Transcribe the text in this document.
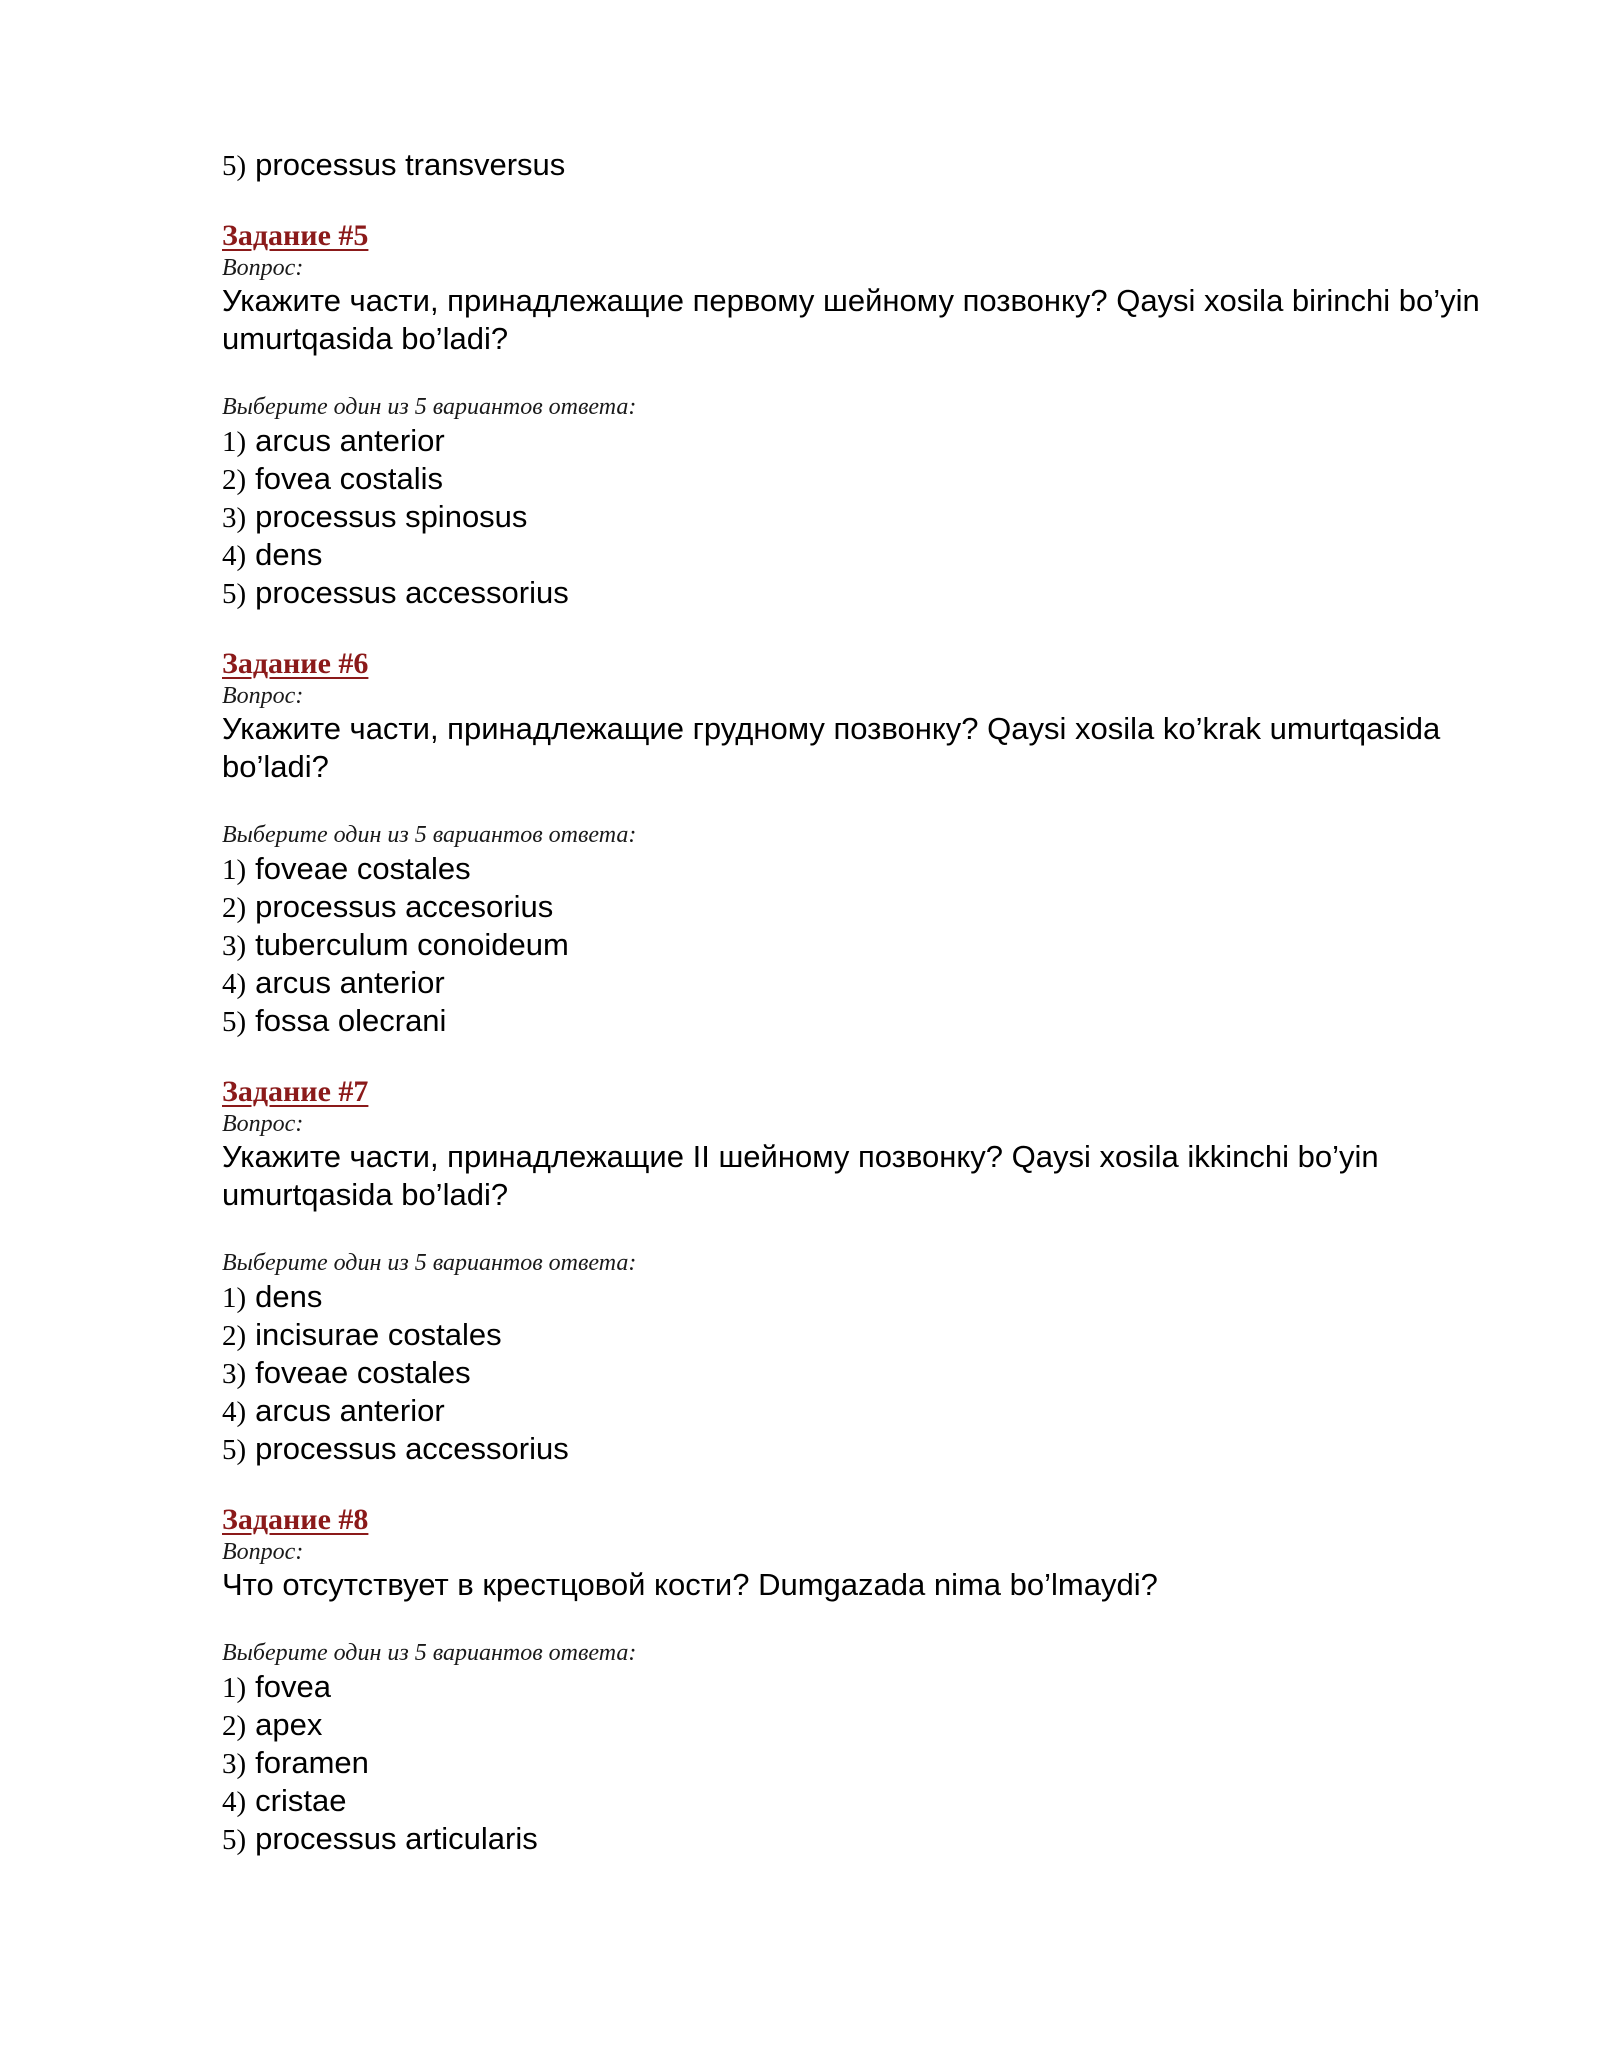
5) processus transversus
Задание #5
Вопрос:
Укажите части, принадлежащие первому шейному позвонку? Qaysi xosila birinchi bo’yin umurtqasida bo’ladi?
Выберите один из 5 вариантов ответа:
1) arcus anterior
2) fovea costalis
3) processus spinosus
4) dens
5) processus accessorius
Задание #6
Вопрос:
Укажите части, принадлежащие грудному позвонку? Qaysi xosila ko’krak umurtqasida bo’ladi?
Выберите один из 5 вариантов ответа:
1) foveae costales
2) processus accesorius
3) tuberculum conoideum
4) arcus anterior
5) fossa olecrani
Задание #7
Вопрос:
Укажите части, принадлежащие II шейному позвонку? Qaysi xosila ikkinchi bo’yin umurtqasida bo’ladi?
Выберите один из 5 вариантов ответа:
1) dens
2) incisurae costales
3) foveae costales
4) arcus anterior
5) processus accessorius
Задание #8
Вопрос:
Что отсутствует в крестцовой кости? Dumgazada nima bo’lmaydi?
Выберите один из 5 вариантов ответа:
1) fovea
2) apex
3) foramen
4) cristae
5) processus articularis
